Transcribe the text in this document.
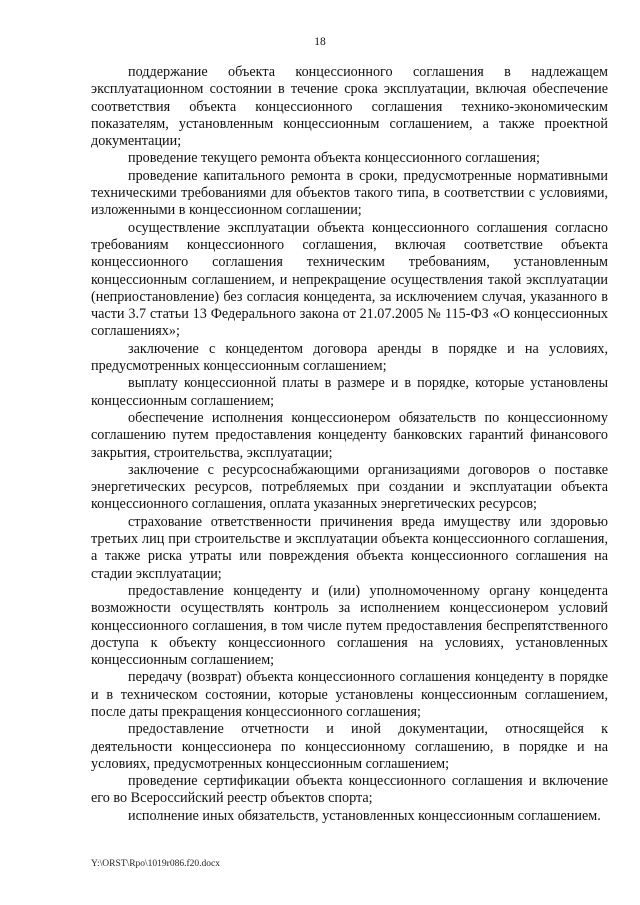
18

поддержание объекта концессионного соглашения в надлежащем эксплуатационном состоянии в течение срока эксплуатации, включая обеспечение соответствия объекта концессионного соглашения технико-экономическим показателям, установленным концессионным соглашением, а также проектной документации;

проведение текущего ремонта объекта концессионного соглашения;

проведение капитального ремонта в сроки, предусмотренные нормативными техническими требованиями для объектов такого типа, в соответствии с условиями, изложенными в концессионном соглашении;

осуществление эксплуатации объекта концессионного соглашения согласно требованиям концессионного соглашения, включая соответствие объекта концессионного соглашения техническим требованиям, установленным концессионным соглашением, и непрекращение осуществления такой эксплуатации (неприостановление) без согласия концедента, за исключением случая, указанного в части 3.7 статьи 13 Федерального закона от 21.07.2005 № 115-ФЗ «О концессионных соглашениях»;

заключение с концедентом договора аренды в порядке и на условиях, предусмотренных концессионным соглашением;

выплату концессионной платы в размере и в порядке, которые установлены концессионным соглашением;

обеспечение исполнения концессионером обязательств по концессионному соглашению путем предоставления концеденту банковских гарантий финансового закрытия, строительства, эксплуатации;

заключение с ресурсоснабжающими организациями договоров о поставке энергетических ресурсов, потребляемых при создании и эксплуатации объекта концессионного соглашения, оплата указанных энергетических ресурсов;

страхование ответственности причинения вреда имуществу или здоровью третьих лиц при строительстве и эксплуатации объекта концессионного соглашения, а также риска утраты или повреждения объекта концессионного соглашения на стадии эксплуатации;

предоставление концеденту и (или) уполномоченному органу концедента возможности осуществлять контроль за исполнением концессионером условий концессионного соглашения, в том числе путем предоставления беспрепятственного доступа к объекту концессионного соглашения на условиях, установленных концессионным соглашением;

передачу (возврат) объекта концессионного соглашения концеденту в порядке и в техническом состоянии, которые установлены концессионным соглашением, после даты прекращения концессионного соглашения;

предоставление отчетности и иной документации, относящейся к деятельности концессионера по концессионному соглашению, в порядке и на условиях, предусмотренных концессионным соглашением;

проведение сертификации объекта концессионного соглашения и включение его во Всероссийский реестр объектов спорта;

исполнение иных обязательств, установленных концессионным соглашением.

Y:\ORST\Rpo\1019r086.f20.docx
